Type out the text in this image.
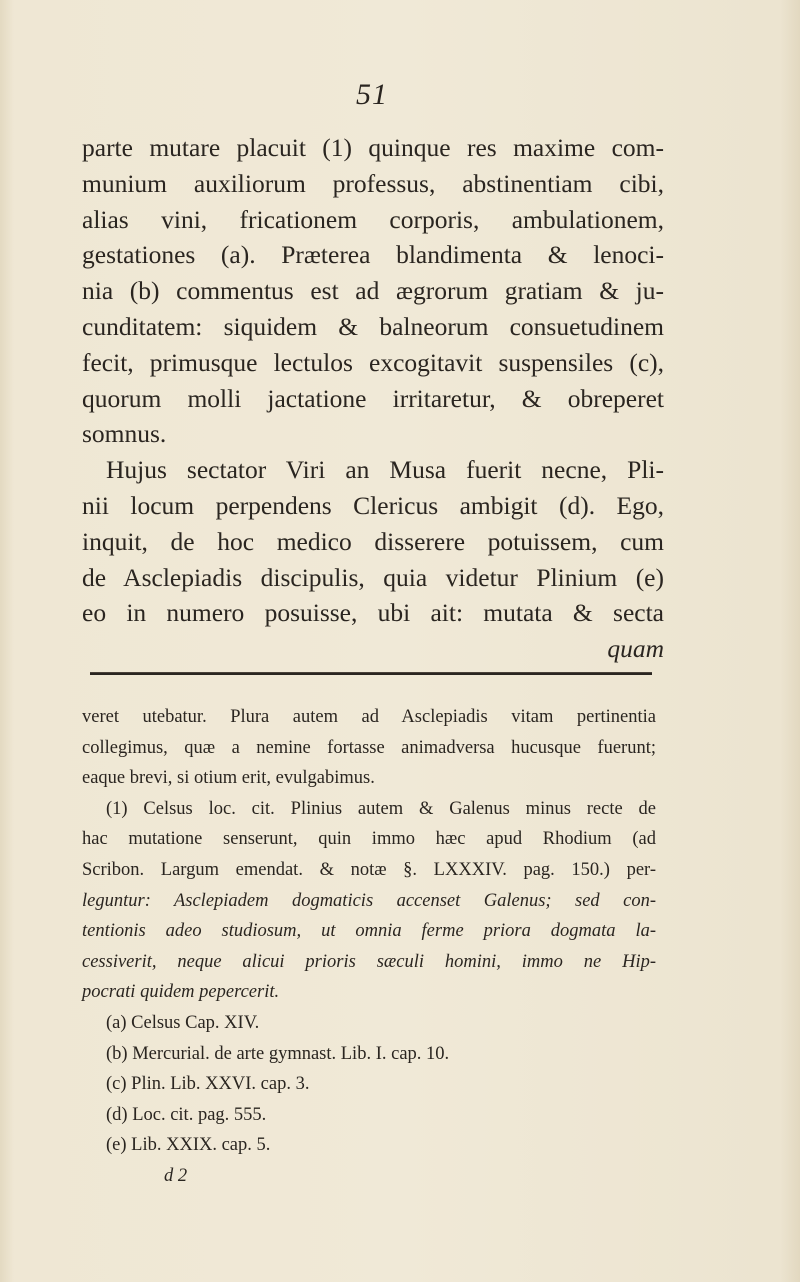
51
parte mutare placuit (1) quinque res maxime com-
munium auxiliorum professus, abstinentiam cibi,
alias vini, fricationem corporis, ambulationem,
gestationes (a). Præterea blandimenta & lenoci-
nia (b) commentus est ad ægrorum gratiam & ju-
cunditatem: siquidem & balneorum consuetudinem
fecit, primusque lectulos excogitavit suspensiles (c),
quorum molli jactatione irritaretur, & obreperet
somnus.
Hujus sectator Viri an Musa fuerit necne, Pli-
nii locum perpendens Clericus ambigit (d). Ego,
inquit, de hoc medico disserere potuissem, cum
de Asclepiadis discipulis, quia videtur Plinium (e)
eo in numero posuisse, ubi ait: mutata & secta
quam
veret utebatur. Plura autem ad Asclepiadis vitam pertinentia
collegimus, quæ a nemine fortasse animadversa hucusque fuerunt;
eaque brevi, si otium erit, evulgabimus.
(1) Celsus loc. cit. Plinius autem & Galenus minus recte de
hac mutatione senserunt, quin immo hæc apud Rhodium (ad
Scribon. Largum emendat. & notæ §. LXXXIV. pag. 150.) per-
leguntur: Asclepiadem dogmaticis accenset Galenus; sed con-
tentionis adeo studiosum, ut omnia ferme priora dogmata la-
cessiverit, neque alicui prioris sæculi homini, immo ne Hip-
pocrati quidem pepercerit.
(a) Celsus Cap. XIV.
(b) Mercurial. de arte gymnast. Lib. I. cap. 10.
(c) Plin. Lib. XXVI. cap. 3.
(d) Loc. cit. pag. 555.
(e) Lib. XXIX. cap. 5.
d 2
